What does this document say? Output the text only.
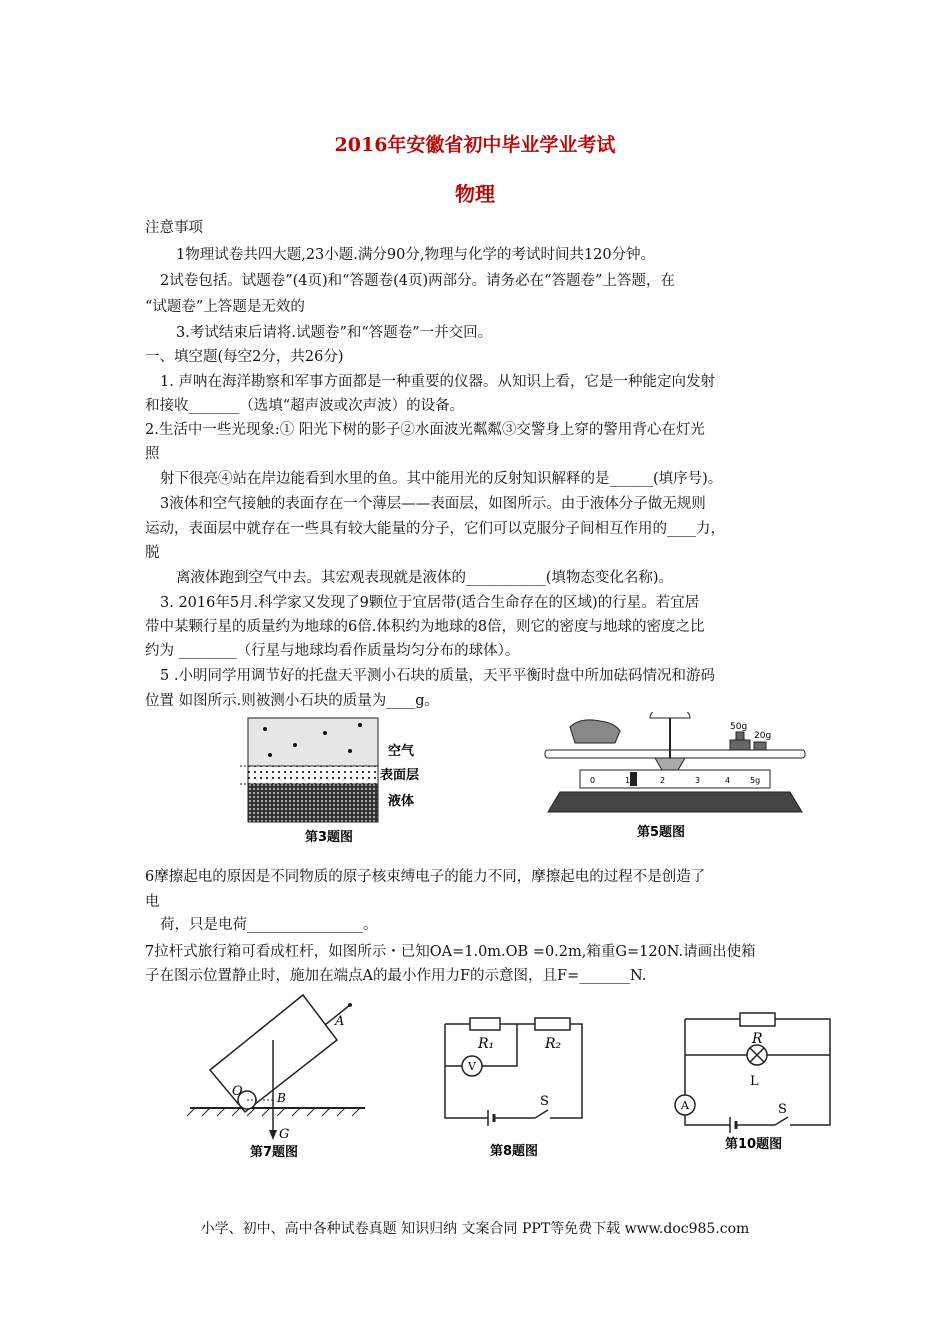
2016年安徽省初中毕业学业考试
物理
注意事项
1物理试卷共四大题,23小题.满分90分,物理与化学的考试时间共120分钟。
2试卷包括。试题卷”(4页)和“答题卷(4页)两部分。请务必在“答题卷”上答题，在
“试题卷”上答题是无效的
3.考试结束后请将.试题卷”和“答题卷”一并交回。
一、填空题(每空2分，共26分)
1. 声呐在海洋勘察和军事方面都是一种重要的仪器。从知识上看，它是一种能定向发射
和接收_______（选填“超声波或次声波）的设备。
2.生活中一些光现象:① 阳光下树的影子②水面波光粼粼③交警身上穿的警用背心在灯光
照
射下很亮④站在岸边能看到水里的鱼。其中能用光的反射知识解释的是______(填序号)。
3液体和空气接触的表面存在一个薄层——表面层，如图所示。由于液体分子做无规则
运动，表面层中就存在一些具有较大能量的分子，它们可以克服分子间相互作用的____力，
脱
离液体跑到空气中去。其宏观表现就是液体的___________(填物态变化名称)。
3. 2016年5月.科学家又发现了9颗位于宜居带(适合生命存在的区域)的行星。若宜居
带中某颗行星的质量约为地球的6倍.体积约为地球的8倍，则它的密度与地球的密度之比
约为 ________（行星与地球均看作质量均匀分布的球体）。
5 .小明同学用调节好的托盘天平测小石块的质量，天平平衡时盘中所加砝码情况和游码
位置 如图所示.则被测小石块的质量为____g。
空气
表面层
液体
第3题图
50g
20g
0	1	2	3	4 5g
第5题图
6摩擦起电的原因是不同物质的原子核束缚电子的能力不同，摩擦起电的过程不是创造了
电
荷，只是电荷________________。
7拉杆式旅行箱可看成杠杆，如图所示・已知OA=1.0m.OB =0.2m,箱重G=120N.请画出使箱
子在图示位置静止时，施加在端点A的最小作用力F的示意图，且F=_______N.
A
O	B
G
第7题图
V
R₁	R₂
S
第8题图
R
L
A	S
第10题图
小学、初中、高中各种试卷真题 知识归纳 文案合同 PPT等免费下载 www.doc985.com
